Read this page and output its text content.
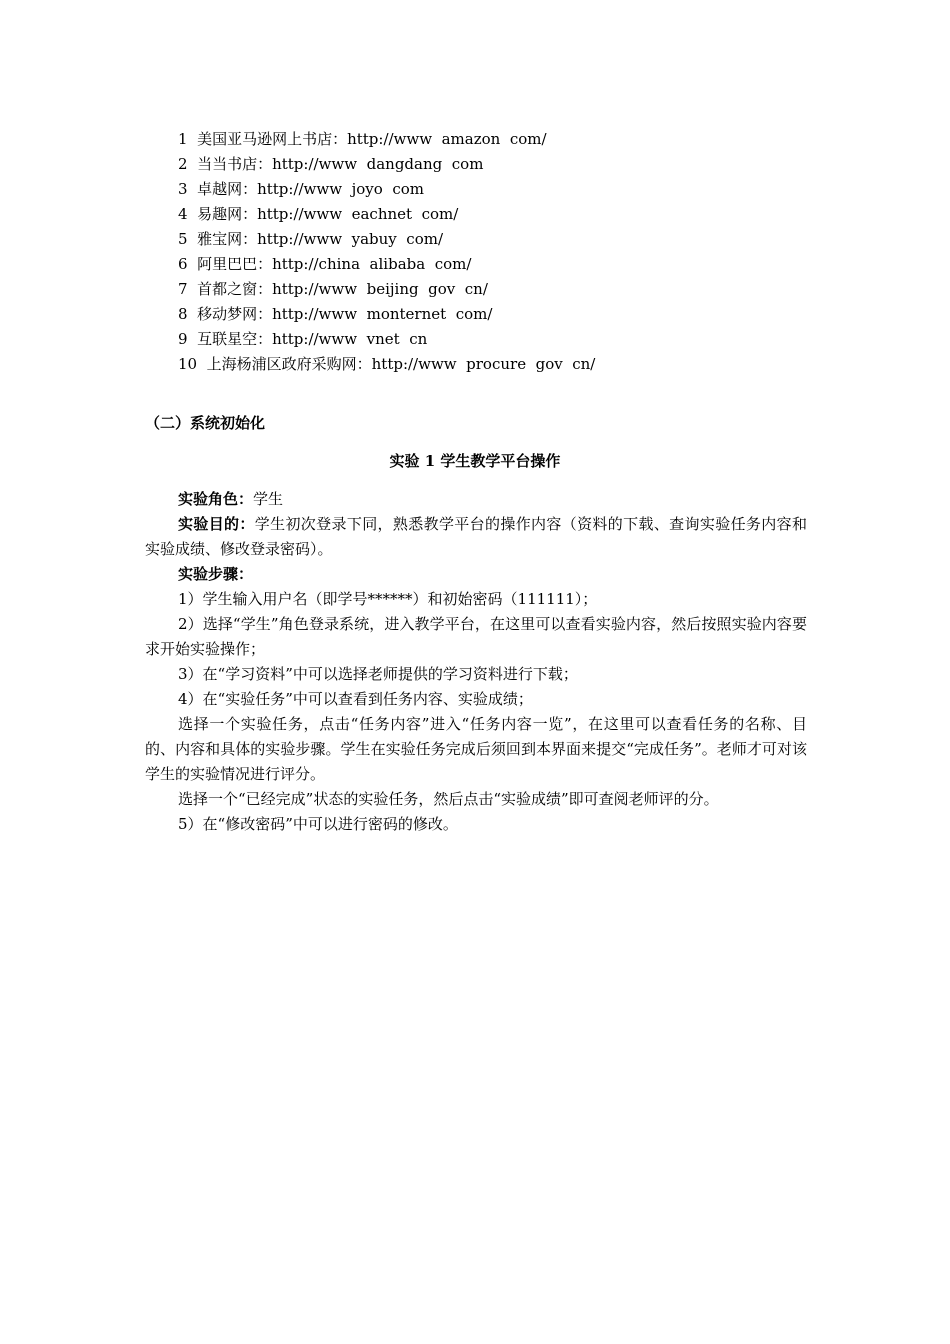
1  美国亚马逊网上书店：http://www  amazon  com/
2  当当书店：http://www  dangdang  com
3  卓越网：http://www  joyo  com
4  易趣网：http://www  eachnet  com/
5  雅宝网：http://www  yabuy  com/
6  阿里巴巴：http://china  alibaba  com/
7  首都之窗：http://www  beijing  gov  cn/
8  移动梦网：http://www  monternet  com/
9  互联星空：http://www  vnet  cn
10  上海杨浦区政府采购网：http://www  procure  gov  cn/
（二）系统初始化
实验 1 学生教学平台操作

实验角色：学生

实验目的：学生初次登录下同，熟悉教学平台的操作内容（资料的下载、查询实验任务内容和实验成绩、修改登录密码）。

实验步骤：

1）学生输入用户名（即学号******）和初始密码（111111）；

2）选择“学生”角色登录系统，进入教学平台，在这里可以查看实验内容，然后按照实验内容要求开始实验操作；

3）在“学习资料”中可以选择老师提供的学习资料进行下载；

4）在“实验任务”中可以查看到任务内容、实验成绩；

选择一个实验任务，点击“任务内容”进入“任务内容一览”，在这里可以查看任务的名称、目的、内容和具体的实验步骤。学生在实验任务完成后须回到本界面来提交“完成任务”。老师才可对该学生的实验情况进行评分。

选择一个“已经完成”状态的实验任务，然后点击“实验成绩”即可查阅老师评的分。

5）在“修改密码”中可以进行密码的修改。
